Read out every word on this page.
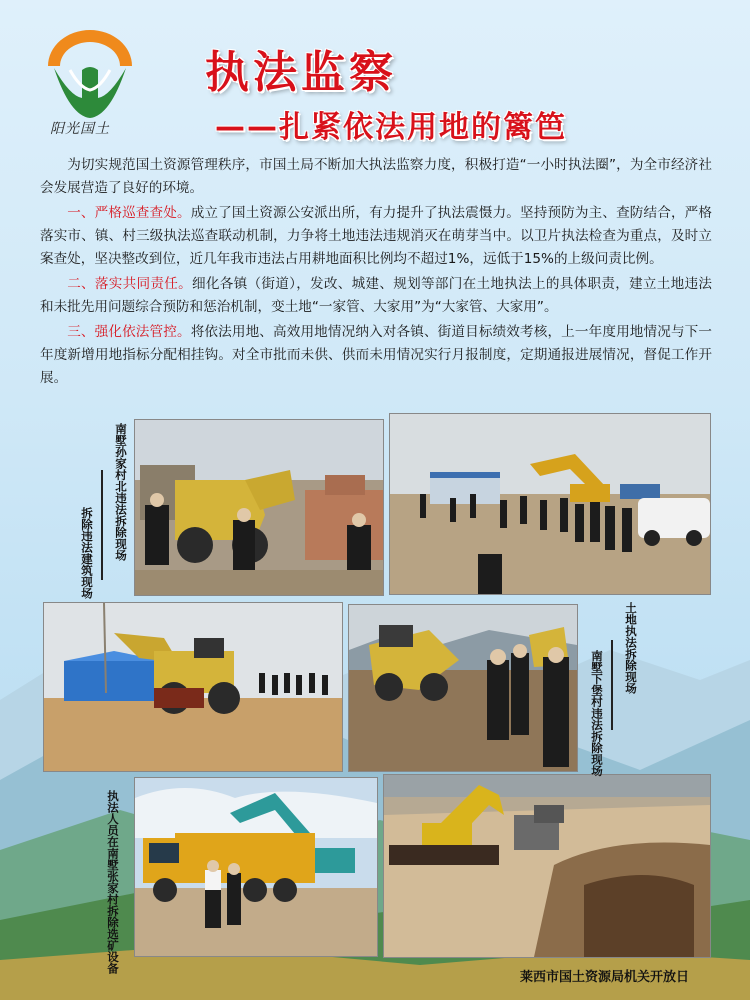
阳光国土
执法监察
——扎紧依法用地的篱笆

为切实规范国土资源管理秩序，市国土局不断加大执法监察力度，积极打造“一小时执法圈”，为全市经济社会发展营造了良好的环境。

一、严格巡查查处。成立了国土资源公安派出所，有力提升了执法震慑力。坚持预防为主、查防结合，严格落实市、镇、村三级执法巡查联动机制，力争将土地违法违规消灭在萌芽当中。以卫片执法检查为重点，及时立案查处，坚决整改到位，近几年我市违法占用耕地面积比例均不超过1%，远低于15%的上级问责比例。

二、落实共同责任。细化各镇（街道），发改、城建、规划等部门在土地执法上的具体职责，建立土地违法和未批先用问题综合预防和惩治机制，变土地“一家管、大家用”为“大家管、大家用”。

三、强化依法管控。将依法用地、高效用地情况纳入对各镇、街道目标绩效考核，上一年度用地情况与下一年度新增用地指标分配相挂钩。对全市批而未供、供而未用情况实行月报制度，定期通报进展情况，督促工作开展。

南墅孙家村北违法拆除现场
拆除违法建筑现场
土地执法拆除现场
南墅下堡村违法拆除现场
执法人员在南墅张家村拆除选矿设备
莱西市国土资源局机关开放日
